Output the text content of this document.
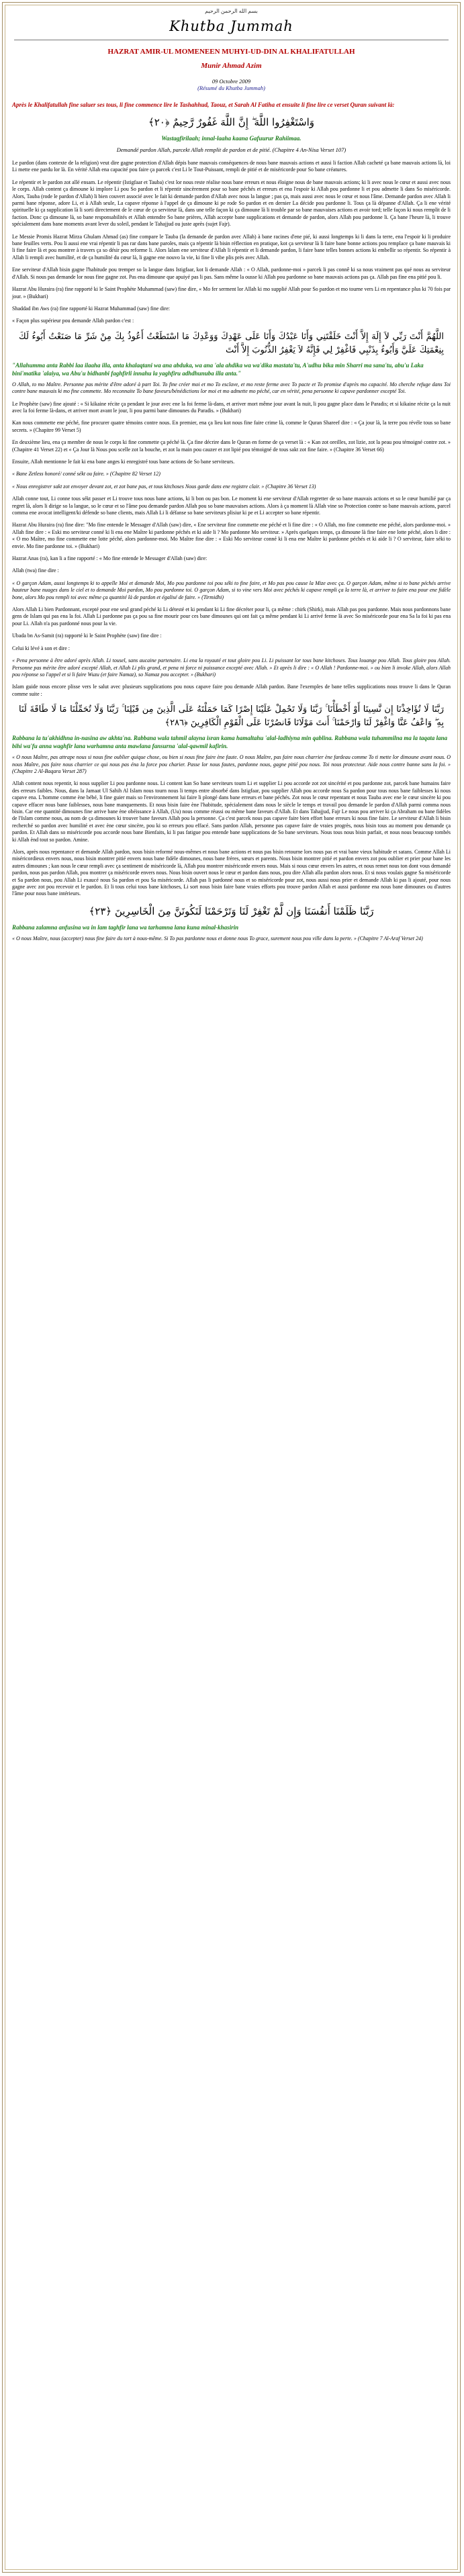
بسم الله الرحمن الرحيم
Khutba Jummah
HAZRAT AMIR-UL MOMENEEN MUHYI-UD-DIN AL KHALIFATULLAH
Munir Ahmad Azim
09 Octobre 2009
(Résumé du Khutba Jummah)
Après le Khalifatullah fine saluer ses tous, li fine commence lire le Tashahhud, Taouz, et Sarah Al Fatiha et ensuite li fine lire ce verset Quran suivant là:
وَاسْتَغْفِرُوا اللَّهَ ۖ إِنَّ اللَّهَ غَفُورٌ رَّحِيمٌ ﴿٢٠﴾
Wastagfirilaah; innal-laaha kaana Gafuurur Rahiimaa.
Demandé pardon Allah, parcekt Allah remplit de pardon et de pitié. (Chapitre 4 An-Nisa Verset 107)

Le pardon (dans contexte de la religion) veut dire gagne protection d'Allah dépis bane mauvais conséquences de nous bane mauvais actions et aussi li faction Allah cacheté ça bane mauvais actions là, loi Li mette ene pardu lor là. En vérité Allah ena capacité pou faire ça parcek c'est Li le Tout-Puissant, rempli de pitié et de miséricorde pour So bane créatures.

Le répentir et le pardon zot allé ensam. Le répentir (Istigfaar et Tauba) c'est lor nous reste réalise nous bane erreurs et nous éloigne nous de bane mauvais actions; ki li avec nous le cœur et aussi avec nous le corps. Allah content ça dimoune ki implore Li pou So pardon et li répentir sincèrement pour so bane péchés et erreurs et ena l'espoir ki Allah pou pardonne li et pou admette li dans So miséricorde. Alors, Tauba (rode le pardon d'Allah) li bien couvert associé avec le fait ki demande pardon d'Allah avec nous la langue ; pas ça, mais aussi avec nous le cœur et nous l'âme. Demande pardon avec Allah li parmi bane réponse, adore Li, et à Allah seule, La capave réponse à l'appel de ça dimoune ki pe rode So pardon et en dernier La décide pou pardonne li. Tous ça là dépanne d'Allah. Ça li ene vérité spirituelle ki ça supplication là li sorti directement de le cœur de ça serviteur là, dans une telle façon ki ça dimoune là li trouble par so bane mauvaises actions et avoir tord; telle façon ki nous remplit de li faction. Donc ça dimoune là, so bane responsabilités et Allah entendre So bane prières, Allah accepte bane supplications et demande de pardon, alors Allah pou pardonne li. Ça bane l'heure là, li trouve spécialement dans bane moments avant lever du soleil, pendant le Tahajjud ou juste après (sujet Fajr).

Le Messie Promis Hazrat Mirza Ghulam Ahmad (as) fine compare le Tauba (la demande de pardon avec Allah) à bane racines d'ene pié, ki aussi longtemps ki li dans la terre, ena l'espoir ki li produire bane feuilles verts. Pou li aussi ene vrai répentir li pas rar dans bane paroles, mais ça répentir là bisin réflection en pratique, kot ça serviteur là li faire bane bonne actions pou remplace ça bane mauvais ki li fine faire là et pou montrer à travers ça so désir pou reforme li. Alors lalam ene serviteur d'Allah li répentir et li demande pardon, li faire bane telles bonnes actions ki embellir so répentir. So répentir à Allah li rempli avec humilité, et de ça humilité du cœur là, li gagne ene nouvo la vie, ki fine li vibe plis près avec Allah.

Ene serviteur d'Allah bisin gagne l'habitude pou tremper so la langue dans Istigfaar, kot li demande Allah : « O Allah, pardonne-moi » parcek li pas connê ki sa nous vraiment pas qué nous au serviteur d'Allah. Si nous pas demande lor nous fine gagne zot. Pas ena dimoune que apuiyé pas li pas. Sans même la ousse ki Allah pou pardonne so bane mauvais actions pas ça. Allah pas fine ena pitié pou li.

Hazrat Abu Huraira (ra) fine rapporté ki le Saint Prophète Muhammad (saw) fine dire, « Mo fer serment lor Allah ki mo supplié Allah pour So pardon et mo tourne vers Li en repentance plus ki 70 fois par jour. » (Bukhari)

Shaddad ibn Aws (ra) fine rapporté ki Hazrat Muhammad (saw) fine dire:

« Façon plus supérieur pou demande Allah pardon c'est :

اللَّهُمَّ أَنْتَ رَبِّي لاَ إِلَهَ إِلاَّ أَنْتَ خَلَقْتَنِي وَأَنَا عَبْدُكَ وَأَنَا عَلَى عَهْدِكَ وَوَعْدِكَ مَا اسْتَطَعْتُ أَعُوذُ بِكَ مِنْ شَرِّ مَا صَنَعْتُ أَبُوءُ لَكَ بِنِعْمَتِكَ عَلَيَّ وَأَبُوءُ بِذَنْبِي فَاغْفِرْ لِي فَإِنَّهُ لاَ يَغْفِرُ الذُّنُوبَ إِلاَّ أَنْتَ
"Allahumma anta Rabbi laa ilaaha illa, anta khalaqtani wa ana abduka, wa ana 'ala ahdika wa wa'dika mastata'tu, A'udhu bika min Sharri ma sana'tu, abu'u Laka bini'matika 'alaiya, wa Abu'u bidhanbi faghfirli innahu la yaghfiru adhdhunuba illa anta."

O Allah, to mo Maître. Personne pas mérite d'être adoré à part Toi. To fine créer moi et mo To esclave, et mo reste ferme avec To pacte et To promise d'après mo capacité. Mo cherche refuge dans Toi contre bane mauvais ki mo fine commette. Mo reconnaite To bane faveurs/bénédictions lor moi et mo admette mo péché, car en vérité, pena personne ki capave pardonner excepté Toi.

Le Prophète (saw) fine ajouté : « Si kikaine récite ça pendant le jour avec ene la foi ferme là-dans, et arriver mort même jour avant la nuit, li pou gagne place dans le Paradis; et si kikaine récite ça la nuit avec la foi ferme là-dans, et arriver mort avant le jour, li pou parmi bane dimounes du Paradis. » (Bukhari)

Kan nous commette ene péché, fine procurer quatre témoins contre nous. En premier, ena ça lieu kot nous fine faire crime là, comme le Quran Shareef dire : « Ça jour là, la terre pou révéle tous so bane secrets. » (Chapitre 99 Verset 5)

En deuxième lieu, ena ça membre de nous le corps ki fine commette ça péché là. Ça fine décrire dans le Quran en forme de ça verset là : « Kan zot oreilles, zot lizie, zot la peau pou témoigné contre zot. » (Chapitre 41 Verset 22) et « Ça Jour là Nous pou scelle zot la bouche, et zot la main pou cauzer et zot lipié pou témoigné de tous sakt zot fine faire. » (Chapitre 36 Verset 66)

Ensuite, Allah mentionne le fait ki ena bane anges ki enregistré tous bane actions de So bane serviteurs.

« Bane Zetless honoré/ conné sékt ou faire. » (Chapitre 82 Verset 12)

« Nous enregistrer sakt zot envoyer devant zot, et zot bane pas, et tous kitchoses Nous garde dans ene registre clair. » (Chapitre 36 Verset 13)

Allah conne tout, Li conne tous sékt passer et Li trouve tous nous bane actions, ki li bon ou pas bon. Le moment ki ene serviteur d'Allah regretter de so bane mauvais actions et so le cœur humilié par ça regret là, alors li dirige so la langue, so le cœur et so l'âme pou demande pardon Allah pou so bane mauvaises actions. Alors à ça moment là Allah vine so Protection contre so bane mauvais actions, parcel comma ene avocat intelligent/ki défende so bane clients, mais Allah Li li défanse so bane serviteurs plisiur ki pe et Li accepter so bane répentir.

Hazrat Abu Huraira (ra) fine dire: "Mo fine entende le Messager d'Allah (saw) dire, « Ene serviteur fine commette ene péché et li fine dire : « O Allah, mo fine commette ene péché, alors pardonne-moi. » Allah fine dire : « Eski mo serviteur conné ki li ena ene Maître ki pardonne péchés et ki aide li ? Mo pardonne Mo serviteur. » Après quelques temps, ça dimoune là fine faire ene lotte péché, alors li dire : « O mo Maître, mo fine commette ene lotte péché, alors pardonne-moi. Mo Maître fine dire : « Eski Mo serviteur conné ki li ena ene Maître ki pardonne péchés et ki aide li ? O serviteur, faire séki to envie. Mo fine pardonne toi. » (Bukhari)

Hazrat Anas (ra), kan li a fine rapporté : « Mo fine entende le Messager d'Allah (saw) dire:

Allah (twa) fine dire :

« O garçon Adam, aussi longtemps ki to appelle Moi et demande Moi, Mo pou pardonne toi pou séki to fine faire, et Mo pas pou cause la Mize avec ça. O garçon Adam, même si to bane péchés arrive hauteur bane nuages dans le ciel et to demande Moi pardon, Mo pou pardonne toi. O garçon Adam, si to vine vers Moi avec péchés ki capave rempli ça la terre là, et arriver to faire ena pour ene fidèle bone, alors Mo pou rempli toi avec même ça quantité là de pardon et égalisé de faire. » (Tirmidhi)

Alors Allah Li bien Pardonnant, excepté pour ene seul grand péché ki Li détesté et ki pendant ki Li fine décréter pour li, ça même : chirk (Shirk), mais Allah pas pou pardonne. Mais nous pardonnons bane gens de Islam qui pas ena la foi. Allah Li pardonne pas ça pou sa fine mourir pour ces bane dimounes qui ont fait ça même pendant ki Li arrivé ferme là avec So miséricorde pour ena Sa la foi ki pas ena pour Li. Allah n'a pas pardonné nous pour la vie.

Ubada bn As-Samit (ra) rapporté ki le Saint Prophète (saw) fine dire :

Celui ki lévé à son et dire :

« Pena personne à être adoré après Allah. Li tousel, sans aucaine partenaire. Li ena la royauté et tout gloire pou Li. Li puissant lor tous bane kitchoses. Tous louange pou Allah. Tous gloire pou Allah. Personne pas mérite être adoré excepté Allah, et Allah Li plis grand, et pena ni force ni puissance excepté avec Allah. » Et après li dire : « O Allah ! Pardonne-moi. » ou bien li invoke Allah, alors Allah pou réponse so l'appel et si li faire Wuzu (et faire Namaz), so Namaz pou accepter. » (Bukhari)

Islam guide nous encore plisse vers le salut avec plusieurs supplications pou nous capave faire pou demande Allah pardon. Bane l'exemples de bane telles supplications nous trouve li dans le Quran comme suite :

رَبَّنَا لَا تُؤَاخِذْنَا إِن نَّسِينَا أَوْ أَخْطَأْنَا ۚ رَبَّنَا وَلَا تَحْمِلْ عَلَيْنَا إِصْرًا كَمَا حَمَلْتَهُ عَلَى الَّذِينَ مِن قَبْلِنَا ۚ رَبَّنَا وَلَا تُحَمِّلْنَا مَا لَا طَاقَةَ لَنَا بِهِ ۖ وَاعْفُ عَنَّا وَاغْفِرْ لَنَا وَارْحَمْنَا ۚ أَنتَ مَوْلَانَا فَانصُرْنَا عَلَى الْقَوْمِ الْكَافِرِينَ ﴿٢٨٦﴾
Rabbana la tu'akhidhna in-nasina aw akhta'na. Rabbana wala tahmil alayna isran kama hamaltahu 'alal-ladhiyna min qablina. Rabbana wala tuhammilna ma la taqata lana bihi wa'fu anna waghfir lana warhamna anta mawlana fansurna 'alal-qawmil kafirin.

« O nous Maître, pas attrape nous si nous fine oublier quique chose, ou bien si nous fine faire ène faute. O nous Maître, pas faire nous charrier ène fardeau comme To ti mette lor dimoune avant nous. O nous Maître, pas faire nous charrier ce qui nous pas éna la force pou charier. Passe lor nous fautes, pardonne nous, gagne pitié pou nous. Toi nous protecteur. Aide nous contre banne sans la foi. » (Chapitre 2 Al-Baqara Verset 287)

Allah content nous repentir, ki nous supplier Li pou pardonne nous. Li content kan So bane serviteurs tourn Li et supplier Li pou accorde zot zot sincérité et pou pardonne zot, parcek bane humains faire des erreurs faibles. Nous, dans la Jamaat Ul Sahih Al Islam nous tourn nous li temps entre absorbé dans Istigfaar, pou supplier Allah pou accorde nous Sa pardon pour tous nous bane faiblesses ki nous capave ena. L'homme comme ène bébé, li fine guier mais so l'environnement lui faire li plongé dans bane erreurs et bane péchés. Zot nous le cœur repentant et nous Tauba avec ene le cœur sincère ki pou capave effacer nous bane faiblesses, nous bane manquements. Et nous bisin faire ène l'habitude, spécialement dans nous le siècle le temps et travail pou demande le pardon d'Allah parmi comma nous bisin. Car ene quantité dimounes fine arrive bane ène obéissance à Allah, (Uu) nous comme réussi ou même bane faveurs d'Allah. Et dans Tahajjud, Fajr Le nous pou arriver ki ça Abraham ou bane fidèles de l'Islam comme nous, au nom de ça dimounes ki trouver bane faveurs Allah pou la personne. Ça c'est parcek nous pas capave faire bien effort bane erreurs ki nous fine faire. Le serviteur d'Allah li bisin recherché so pardon avec humilité et avec ène cœur sincère, pou ki so erreurs pou effacé. Sans pardon Allah, personne pas capave faire de vraies progrès, nous bisin tous au moment pou demande ça pardon. Et Allah dans so miséricorde pou accorde nous bane Bienfaits, ki li pas fatigue pou entende bane supplications de So bane serviteurs. Nous tous nous bisin parfait, et nous nous beaucoup tombés ki Allah ènd tout so pardon. Amine.

Alors, après nous repentance et demande Allah pardon, nous bisin reformé nous-mêmes et nous bane actions et nous pas bisin retourne lors nous pas et vrai bane vieux habitude et satans. Comme Allah Li miséricordieux envers nous, nous bisin montrer pitié envers nous bane fidèle dimounes, nous bane frères, sœurs et parents. Nous bisin montrer pitié et pardon envers zot pou oublier et prier pour bane les autres dimounes ; kan nous le cœur rempli avec ça sentiment de miséricorde là, Allah pou montrer miséricorde envers nous. Mais si nous cœur envers les autres, et nous remet nous ton dont vous demandé pardon, nous pas pardon Allah, pou montrer ça miséricorde envers nous. Nous bisin ouvert nous le cœur et pardon dans nous, pou dire Allah alla pardon alors nous. Et si nous voulais gagne Sa miséricorde et Sa pardon nous, pou Allah Li exaucé nous Sa pardon et pou Sa miséricorde. Allah pas li pardonné nous et so miséricorde pour zot, nous aussi nous prier et demande Allah ki pas li ajouté, pour nous gagne avec zot pou recevoir et le pardon. Et li tous celui tous bane kitchoses, Li sort nous bisin faire bane vraies efforts pou trouve pardon Allah et aussi pardonne ena nous bane dimounes ou d'autres l'âme pour nous bane intérieurs.

رَبَّنَا ظَلَمْنَا أَنفُسَنَا وَإِن لَّمْ تَغْفِرْ لَنَا وَتَرْحَمْنَا لَنَكُونَنَّ مِنَ الْخَاسِرِينَ ﴿٢٣﴾
Rabbana zalamna anfusina wa in lam taghfir lana wa tarhamna lana kuna minal-khasirin

« O nous Maître, nous (accepter) nous fine faire du tort à nous-même. Si To pas pardonne nous et donne nous To grace, surement nous pou ville dans la perte. » (Chapitre 7 Al-Araf Verset 24)
